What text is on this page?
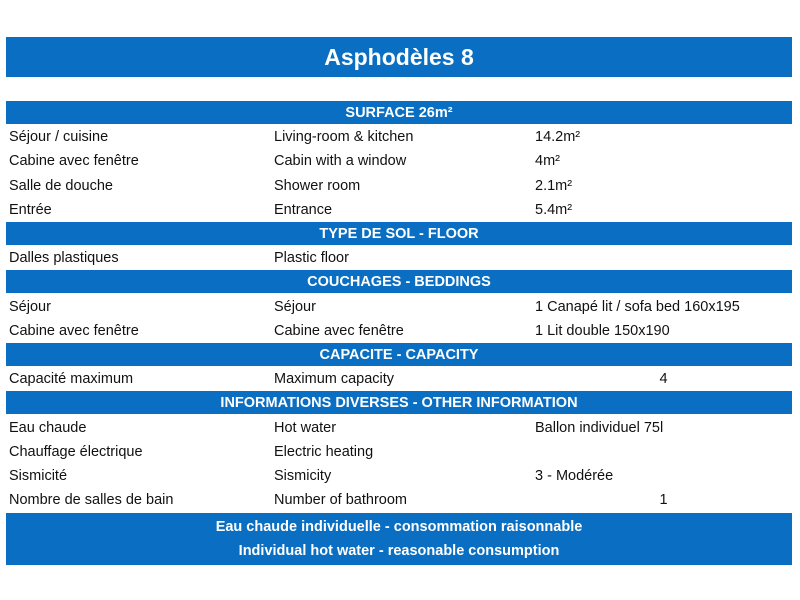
Asphodèles 8
SURFACE 26m²
Séjour / cuisine	Living-room & kitchen	14.2m²
Cabine avec fenêtre	Cabin with a window	4m²
Salle de douche	Shower room	2.1m²
Entrée	Entrance	5.4m²
TYPE DE SOL - FLOOR
Dalles plastiques	Plastic floor
COUCHAGES - BEDDINGS
Séjour	Séjour	1 Canapé lit / sofa bed 160x195
Cabine avec fenêtre	Cabine avec fenêtre	1 Lit double 150x190
CAPACITE - CAPACITY
Capacité maximum	Maximum capacity	4
INFORMATIONS DIVERSES - OTHER INFORMATION
Eau chaude	Hot water	Ballon individuel 75l
Chauffage électrique	Electric heating
Sismicité	Sismicity	3 - Modérée
Nombre de salles de bain	Number of bathroom	1
Eau chaude individuelle - consommation raisonnable
Individual hot water - reasonable consumption
